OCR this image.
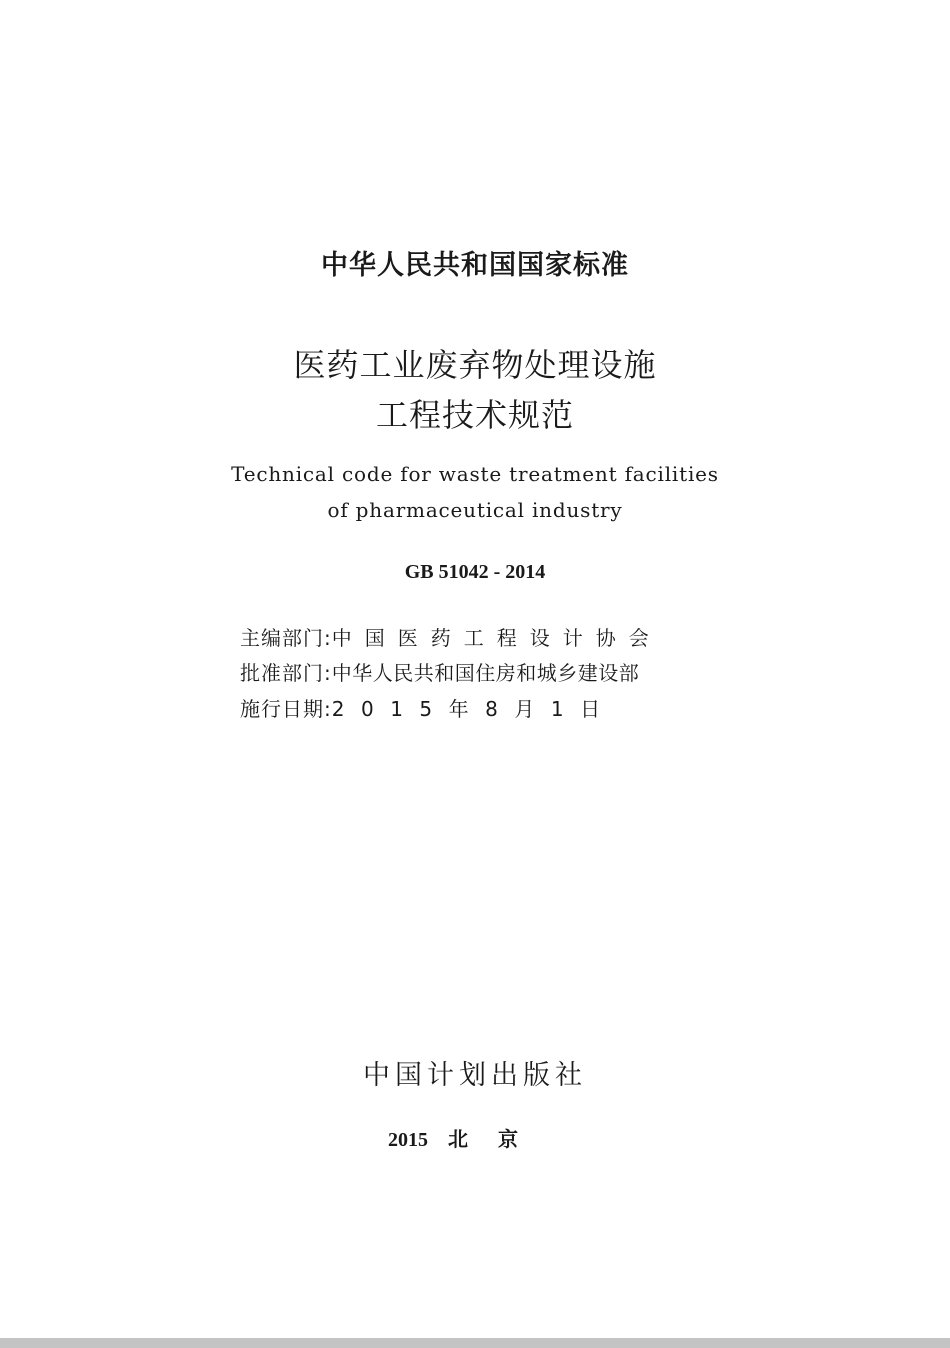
中华人民共和国国家标准
医药工业废弃物处理设施
工程技术规范
Technical code for waste treatment facilities
of pharmaceutical industry
GB 51042 - 2014
主编部门: 中国医药工程设计协会
批准部门: 中华人民共和国住房和城乡建设部
施行日期: 2015年8月1日
中国计划出版社
2015 北京
